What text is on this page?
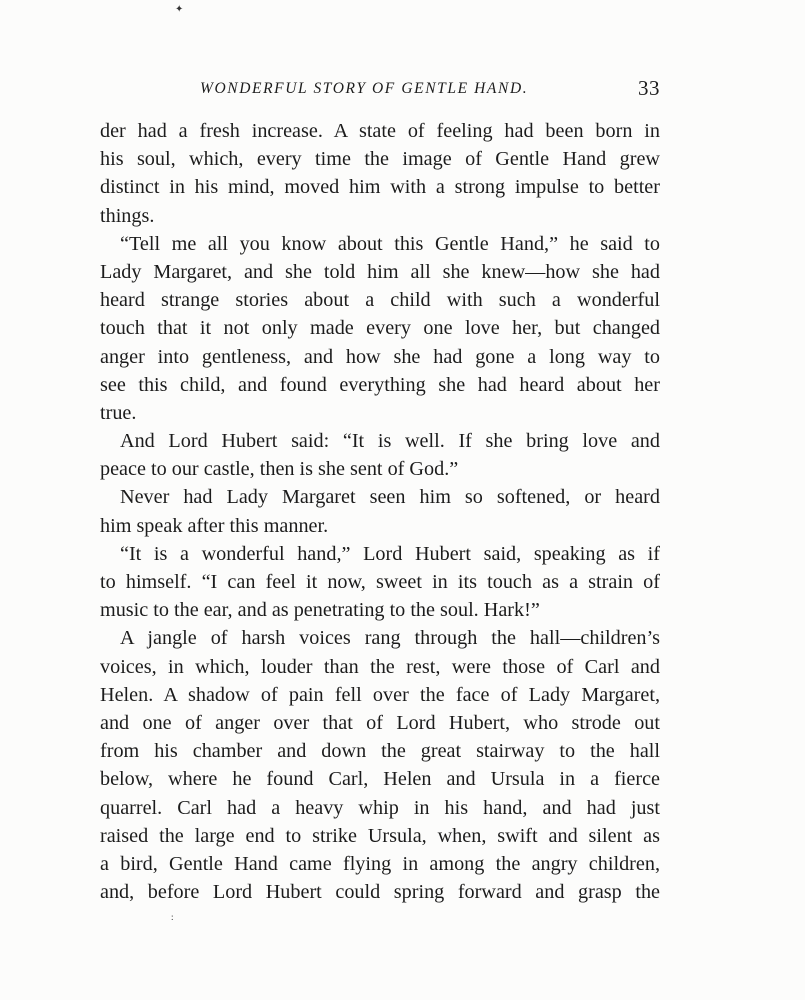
✦
WONDERFUL STORY OF GENTLE HAND.	33
der had a fresh increase. A state of feeling had been born in
his soul, which, every time the image of Gentle Hand grew
distinct in his mind, moved him with a strong impulse to better
things.
“Tell me all you know about this Gentle Hand,” he said to
Lady Margaret, and she told him all she knew—how she had
heard strange stories about a child with such a wonderful
touch that it not only made every one love her, but changed
anger into gentleness, and how she had gone a long way to
see this child, and found everything she had heard about her
true.
And Lord Hubert said: “It is well. If she bring love and
peace to our castle, then is she sent of God.”
Never had Lady Margaret seen him so softened, or heard
him speak after this manner.
“It is a wonderful hand,” Lord Hubert said, speaking as if
to himself. “I can feel it now, sweet in its touch as a strain of
music to the ear, and as penetrating to the soul. Hark!”
A jangle of harsh voices rang through the hall—children’s
voices, in which, louder than the rest, were those of Carl and
Helen. A shadow of pain fell over the face of Lady Margaret,
and one of anger over that of Lord Hubert, who strode out
from his chamber and down the great stairway to the hall
below, where he found Carl, Helen and Ursula in a fierce
quarrel. Carl had a heavy whip in his hand, and had just
raised the large end to strike Ursula, when, swift and silent as
a bird, Gentle Hand came flying in among the angry children,
and, before Lord Hubert could spring forward and grasp the
:
